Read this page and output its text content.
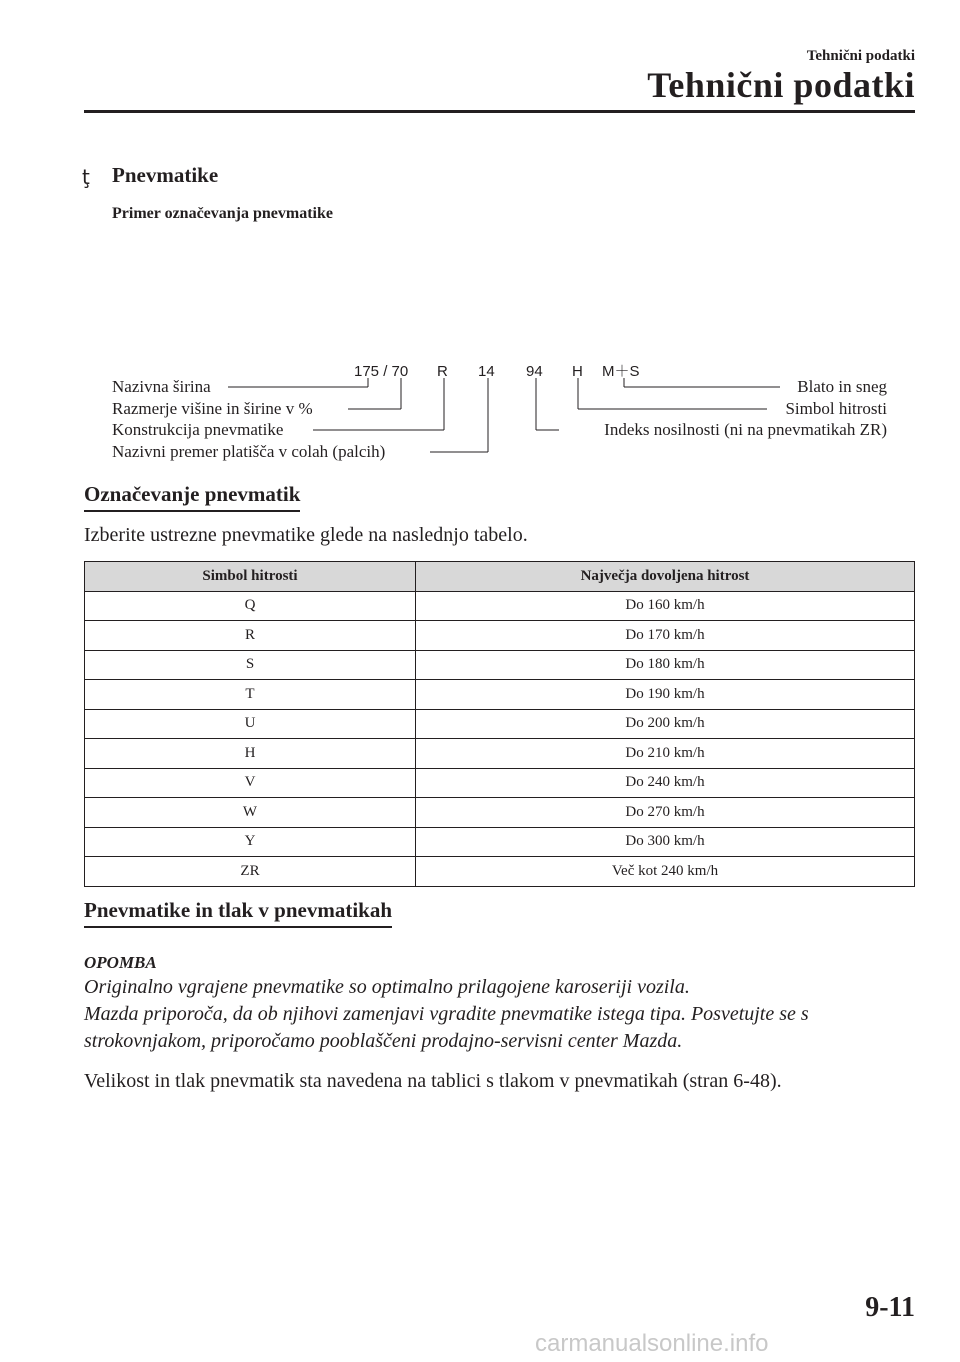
Tehnični podatki
Tehnični podatki
ţ Pnevmatike
Primer označevanja pnevmatike
175 / 70 R 14 94 H M＋S
Nazivna širina
Razmerje višine in širine v %
Konstrukcija pnevmatike
Nazivni premer platišča v colah (palcih)
Blato in sneg
Simbol hitrosti
Indeks nosilnosti (ni na pnevmatikah ZR)
Označevanje pnevmatik
Izberite ustrezne pnevmatike glede na naslednjo tabelo.
Simbol hitrosti	Največja dovoljena hitrost
Q	Do 160 km/h
R	Do 170 km/h
S	Do 180 km/h
T	Do 190 km/h
U	Do 200 km/h
H	Do 210 km/h
V	Do 240 km/h
W	Do 270 km/h
Y	Do 300 km/h
ZR	Več kot 240 km/h
Pnevmatike in tlak v pnevmatikah
OPOMBA
Originalno vgrajene pnevmatike so optimalno prilagojene karoseriji vozila.
Mazda priporoča, da ob njihovi zamenjavi vgradite pnevmatike istega tipa. Posvetujte se s
strokovnjakom, priporočamo pooblaščeni prodajno-servisni center Mazda.
Velikost in tlak pnevmatik sta navedena na tablici s tlakom v pnevmatikah (stran 6-48).
9-11
carmanualsonline.info
